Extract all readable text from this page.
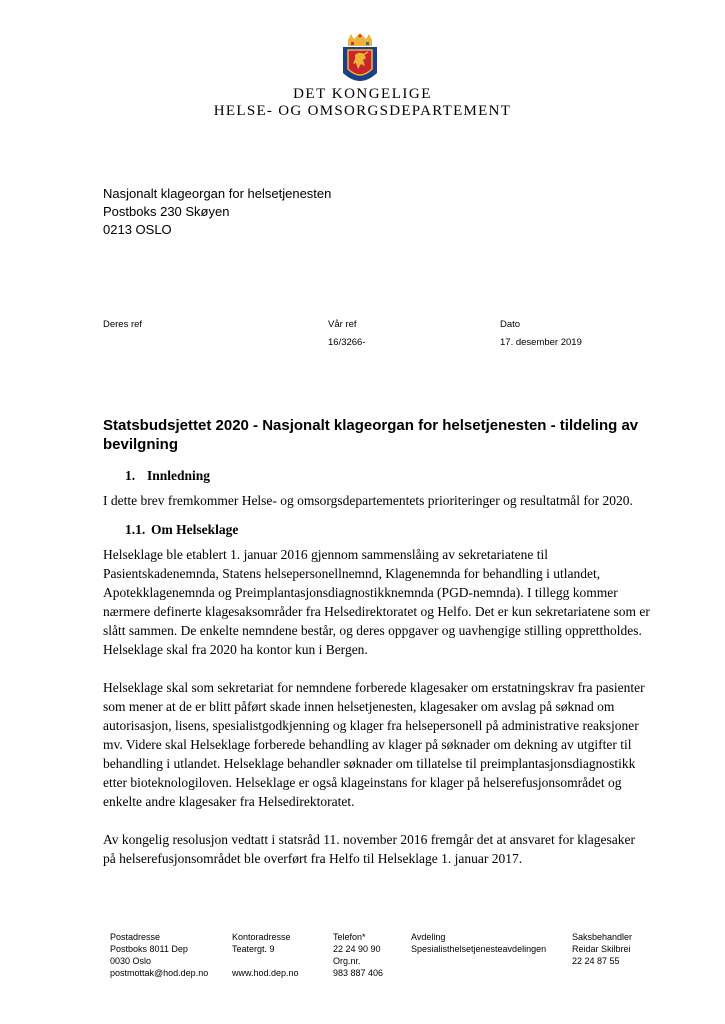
DET KONGELIGE
HELSE- OG OMSORGSDEPARTEMENT
Nasjonalt klageorgan for helsetjenesten
Postboks 230 Skøyen
0213 OSLO
Deres ref	Vår ref
16/3266-
Dato
17. desember 2019
Statsbudsjettet 2020 - Nasjonalt klageorgan for helsetjenesten - tildeling av bevilgning
1. Innledning

I dette brev fremkommer Helse- og omsorgsdepartementets prioriteringer og resultatmål for 2020.

1.1. Om Helseklage

Helseklage ble etablert 1. januar 2016 gjennom sammenslåing av sekretariatene til Pasientskadenemnda, Statens helsepersonellnemnd, Klagenemnda for behandling i utlandet, Apotekklagenemnda og Preimplantasjonsdiagnostikknemnda (PGD-nemnda). I tillegg kommer nærmere definerte klagesaksområder fra Helsedirektoratet og Helfo. Det er kun sekretariatene som er slått sammen. De enkelte nemndene består, og deres oppgaver og uavhengige stilling opprettholdes. Helseklage skal fra 2020 ha kontor kun i Bergen.

Helseklage skal som sekretariat for nemndene forberede klagesaker om erstatningskrav fra pasienter som mener at de er blitt påført skade innen helsetjenesten, klagesaker om avslag på søknad om autorisasjon, lisens, spesialistgodkjenning og klager fra helsepersonell på administrative reaksjoner mv. Videre skal Helseklage forberede behandling av klager på søknader om dekning av utgifter til behandling i utlandet. Helseklage behandler søknader om tillatelse til preimplantasjonsdiagnostikk etter bioteknologiloven. Helseklage er også klageinstans for klager på helserefusjonsområdet og enkelte andre klagesaker fra Helsedirektoratet.

Av kongelig resolusjon vedtatt i statsråd 11. november 2016 fremgår det at ansvaret for klagesaker på helserefusjonsområdet ble overført fra Helfo til Helseklage 1. januar 2017.

Postadresse
Postboks 8011 Dep
0030 Oslo
postmottak@hod.dep.no
Kontoradresse
Teatergt. 9

www.hod.dep.no
Telefon*
22 24 90 90
Org.nr.
983 887 406
Avdeling
Spesialisthelsetjenesteavdelingen
Saksbehandler
Reidar Skilbrei
22 24 87 55
